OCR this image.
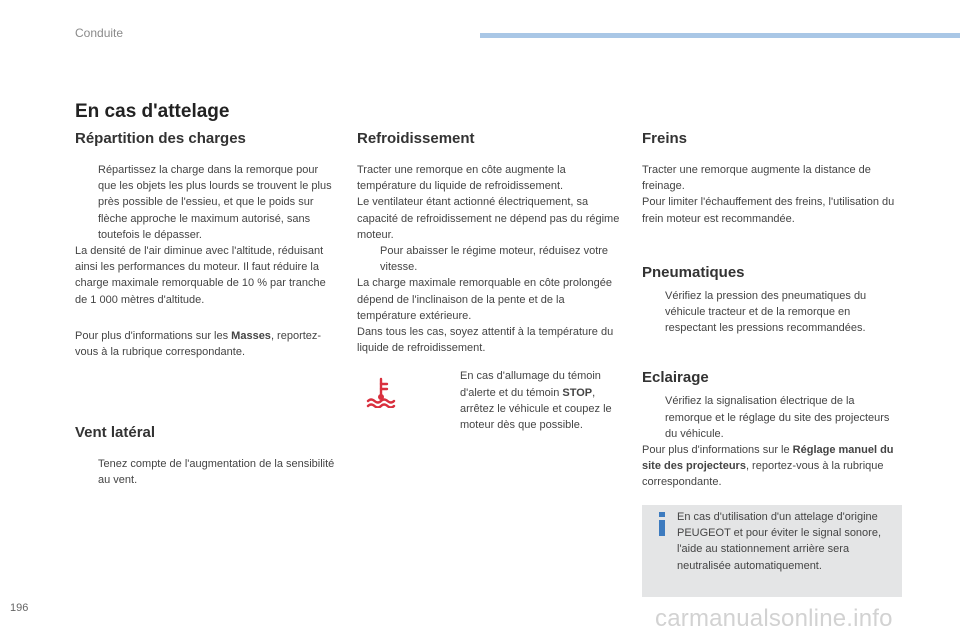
Conduite
En cas d'attelage
Répartition des charges
Répartissez la charge dans la remorque pour que les objets les plus lourds se trouvent le plus près possible de l'essieu, et que le poids sur flèche approche le maximum autorisé, sans toutefois le dépasser.

La densité de l'air diminue avec l'altitude, réduisant ainsi les performances du moteur. Il faut réduire la charge maximale remorquable de 10 % par tranche de 1 000 mètres d'altitude.

Pour plus d'informations sur les Masses, reportez-vous à la rubrique correspondante.

Vent latéral
Tenez compte de l'augmentation de la sensibilité au vent.
Refroidissement

Tracter une remorque en côte augmente la température du liquide de refroidissement.

Le ventilateur étant actionné électriquement, sa capacité de refroidissement ne dépend pas du régime moteur.

Pour abaisser le régime moteur, réduisez votre vitesse.

La charge maximale remorquable en côte prolongée dépend de l'inclinaison de la pente et de la température extérieure.

Dans tous les cas, soyez attentif à la température du liquide de refroidissement.

En cas d'allumage du témoin d'alerte et du témoin STOP, arrêtez le véhicule et coupez le moteur dès que possible.
Freins

Tracter une remorque augmente la distance de freinage.

Pour limiter l'échauffement des freins, l'utilisation du frein moteur est recommandée.

Pneumatiques
Vérifiez la pression des pneumatiques du véhicule tracteur et de la remorque en respectant les pressions recommandées.
Eclairage
Vérifiez la signalisation électrique de la remorque et le réglage du site des projecteurs du véhicule.

Pour plus d'informations sur le Réglage manuel du site des projecteurs, reportez-vous à la rubrique correspondante.

En cas d'utilisation d'un attelage d'origine PEUGEOT et pour éviter le signal sonore, l'aide au stationnement arrière sera neutralisée automatiquement.
196	carmanualsonline.info
